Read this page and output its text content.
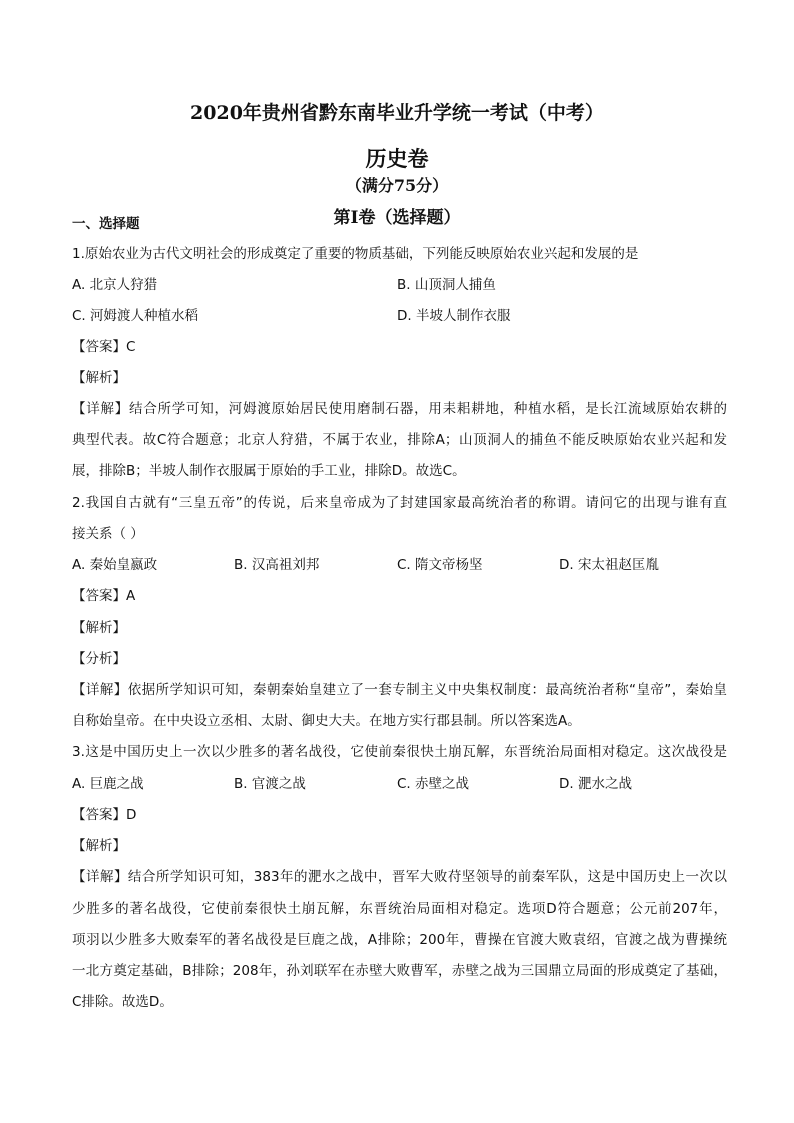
2020年贵州省黔东南毕业升学统一考试（中考）
历史卷
（满分75分）
第Ⅰ卷（选择题）
一、选择题
1.原始农业为古代文明社会的形成奠定了重要的物质基础，下列能反映原始农业兴起和发展的是
A. 北京人狩猎	B. 山顶洞人捕鱼
C. 河姆渡人种植水稻	D. 半坡人制作衣服
【答案】C
【解析】
【详解】结合所学可知，河姆渡原始居民使用磨制石器，用耒耜耕地，种植水稻，是长江流域原始农耕的
典型代表。故C符合题意；北京人狩猎，不属于农业，排除A；山顶洞人的捕鱼不能反映原始农业兴起和发
展，排除B；半坡人制作衣服属于原始的手工业，排除D。故选C。
2.我国自古就有“三皇五帝”的传说，后来皇帝成为了封建国家最高统治者的称谓。请问它的出现与谁有直
接关系（ ）
A. 秦始皇嬴政	B. 汉高祖刘邦	C. 隋文帝杨坚	D. 宋太祖赵匡胤
【答案】A
【解析】
【分析】
【详解】依据所学知识可知，秦朝秦始皇建立了一套专制主义中央集权制度：最高统治者称“皇帝”，秦始皇
自称始皇帝。在中央设立丞相、太尉、御史大夫。在地方实行郡县制。所以答案选A。
3.这是中国历史上一次以少胜多的著名战役，它使前秦很快土崩瓦解，东晋统治局面相对稳定。这次战役是
A. 巨鹿之战	B. 官渡之战	C. 赤壁之战	D. 淝水之战
【答案】D
【解析】
【详解】结合所学知识可知，383年的淝水之战中，晋军大败苻坚领导的前秦军队，这是中国历史上一次以
少胜多的著名战役，它使前秦很快土崩瓦解，东晋统治局面相对稳定。选项D符合题意；公元前207年，
项羽以少胜多大败秦军的著名战役是巨鹿之战，A排除；200年，曹操在官渡大败袁绍，官渡之战为曹操统
一北方奠定基础，B排除；208年，孙刘联军在赤壁大败曹军，赤壁之战为三国鼎立局面的形成奠定了基础，
C排除。故选D。
